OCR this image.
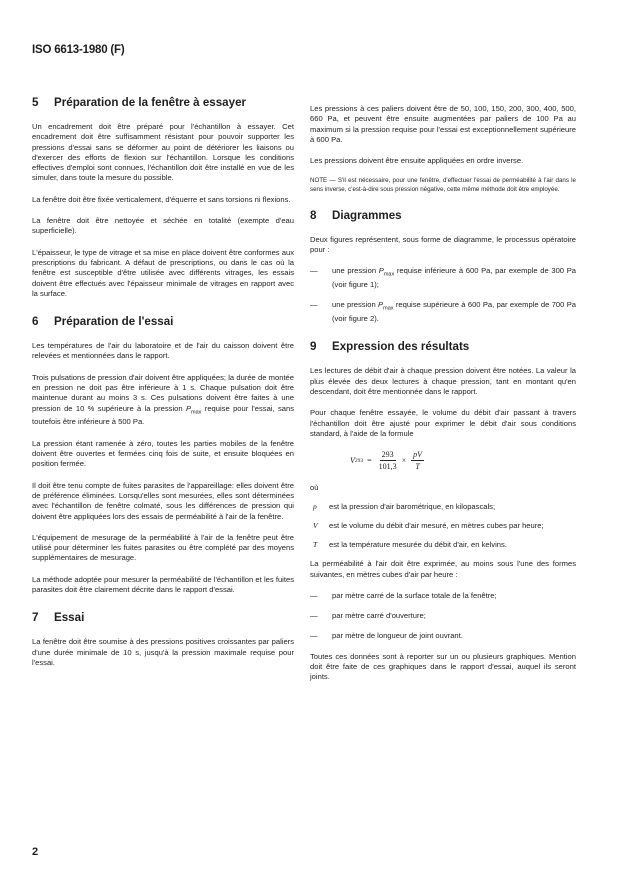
ISO 6613-1980 (F)
5	Préparation de la fenêtre à essayer

Un encadrement doit être préparé pour l'échantillon à essayer. Cet encadrement doit être suffisamment résistant pour pouvoir supporter les pressions d'essai sans se déformer au point de détériorer les liaisons ou d'exercer des efforts de flexion sur l'échantillon. Lorsque les conditions effectives d'emploi sont connues, l'échantillon doit être installé en vue de les simuler, dans toute la mesure du possible.

La fenêtre doit être fixée verticalement, d'équerre et sans torsions ni flexions.

La fenêtre doit être nettoyée et séchée en totalité (exempte d'eau superficielle).

L'épaisseur, le type de vitrage et sa mise en place doivent être conformes aux prescriptions du fabricant. A défaut de prescriptions, ou dans le cas où la fenêtre est susceptible d'être utilisée avec différents vitrages, les essais doivent être effectués avec l'épaisseur minimale de vitrages en rapport avec la surface.

6	Préparation de l'essai

Les températures de l'air du laboratoire et de l'air du caisson doivent être relevées et mentionnées dans le rapport.

Trois pulsations de pression d'air doivent être appliquées; la durée de montée en pression ne doit pas être inférieure à 1 s. Chaque pulsation doit être maintenue durant au moins 3 s. Ces pulsations doivent être faites à une pression de 10 % supérieure à la pression $P_{max}$ requise pour l'essai, sans toutefois être inférieure à 500 Pa.

La pression étant ramenée à zéro, toutes les parties mobiles de la fenêtre doivent être ouvertes et fermées cinq fois de suite, et ensuite bloquées en position fermée.

Il doit être tenu compte de fuites parasites de l'appareillage: elles doivent être de préférence éliminées. Lorsqu'elles sont mesurées, elles sont déterminées avec l'échantillon de fenêtre colmaté, sous les différences de pression qui doivent être appliquées lors des essais de perméabilité à l'air de la fenêtre.

L'équipement de mesurage de la perméabilité à l'air de la fenêtre peut être utilisé pour déterminer les fuites parasites ou être complété par des moyens supplémentaires de mesurage.

La méthode adoptée pour mesurer la perméabilité de l'échantillon et les fuites parasites doit être clairement décrite dans le rapport d'essai.

7	Essai

La fenêtre doit être soumise à des pressions positives croissantes par paliers d'une durée minimale de 10 s, jusqu'à la pression maximale requise pour l'essai.

Les pressions à ces paliers doivent être de 50, 100, 150, 200, 300, 400, 500, 660 Pa, et peuvent être ensuite augmentées par paliers de 100 Pa au maximum si la pression requise pour l'essai est exceptionnellement supérieure à 600 Pa.

Les pressions doivent être ensuite appliquées en ordre inverse.

NOTE — S'il est nécessaire, pour une fenêtre, d'effectuer l'essai de perméabilité à l'air dans le sens inverse, c'est-à-dire sous pression négative, cette même méthode doit être employée.
8	Diagrammes

Deux figures représentent, sous forme de diagramme, le processus opératoire pour :

—	une pression $P_{max}$ requise inférieure à 600 Pa, par exemple de 300 Pa (voir figure 1);
—	une pression $P_{max}$ requise supérieure à 600 Pa, par exemple de 700 Pa (voir figure 2).
9	Expression des résultats

Les lectures de débit d'air à chaque pression doivent être notées. La valeur la plus élevée des deux lectures à chaque pression, tant en montant qu'en descendant, doit être mentionnée dans le rapport.

Pour chaque fenêtre essayée, le volume du débit d'air passant à travers l'échantillon doit être ajusté pour exprimer le débit d'air sous conditions standard, à l'aide de la formule

V $293 = \frac{293}{101,3} \times \frac{pV}{T}$
où
p	est la pression d'air barométrique, en kilopascals;
V	est le volume du débit d'air mesuré, en mètres cubes par heure;
T	est la température mesurée du débit d'air, en kelvins.

La perméabilité à l'air doit être exprimée, au moins sous l'une des formes suivantes, en mètres cubes d'air par heure :

—	par mètre carré de la surface totale de la fenêtre;
—	par mètre carré d'ouverture;
—	par mètre de longueur de joint ouvrant.

Toutes ces données sont à reporter sur un ou plusieurs graphiques. Mention doit être faite de ces graphiques dans le rapport d'essai, auquel ils seront joints.

2
